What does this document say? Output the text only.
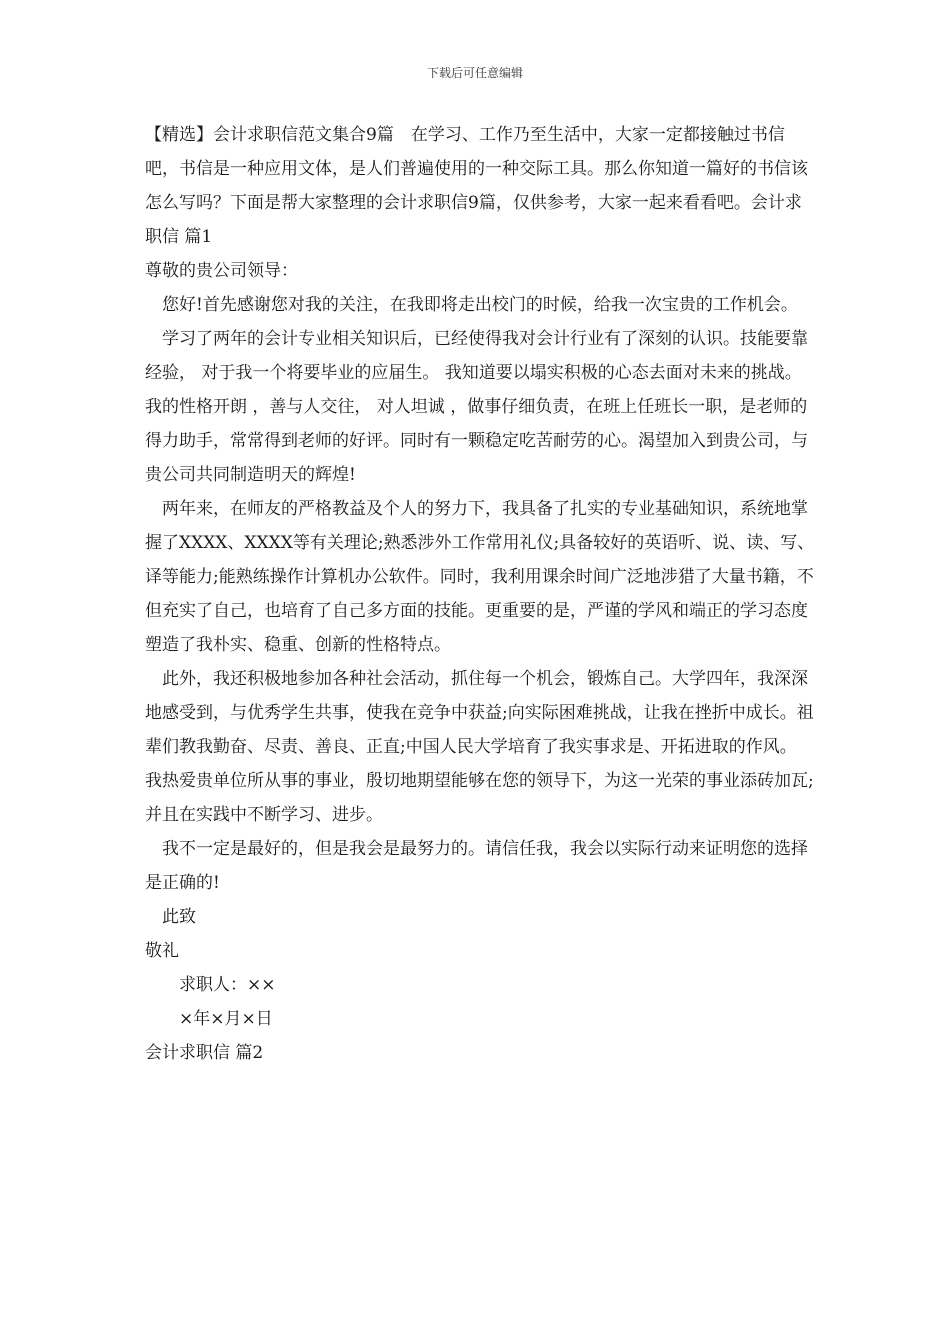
下载后可任意编辑

【精选】会计求职信范文集合9篇　在学习、工作乃至生活中，大家一定都接触过书信吧，书信是一种应用文体，是人们普遍使用的一种交际工具。那么你知道一篇好的书信该怎么写吗？下面是帮大家整理的会计求职信9篇，仅供参考，大家一起来看看吧。会计求职信 篇1

尊敬的贵公司领导：

您好!首先感谢您对我的关注，在我即将走出校门的时候，给我一次宝贵的工作机会。

学习了两年的会计专业相关知识后，已经使得我对会计行业有了深刻的认识。技能要靠经验， 对于我一个将要毕业的应届生。 我知道要以塌实积极的心态去面对未来的挑战。我的性格开朗 ，善与人交往， 对人坦诚 ，做事仔细负责，在班上任班长一职，是老师的得力助手，常常得到老师的好评。同时有一颗稳定吃苦耐劳的心。渴望加入到贵公司，与贵公司共同制造明天的辉煌!

两年来，在师友的严格教益及个人的努力下，我具备了扎实的专业基础知识，系统地掌握了XXXX、XXXX等有关理论;熟悉涉外工作常用礼仪;具备较好的英语听、说、读、写、译等能力;能熟练操作计算机办公软件。同时，我利用课余时间广泛地涉猎了大量书籍，不但充实了自己，也培育了自己多方面的技能。更重要的是，严谨的学风和端正的学习态度塑造了我朴实、稳重、创新的性格特点。

此外，我还积极地参加各种社会活动，抓住每一个机会，锻炼自己。大学四年，我深深地感受到，与优秀学生共事，使我在竞争中获益;向实际困难挑战，让我在挫折中成长。祖辈们教我勤奋、尽责、善良、正直;中国人民大学培育了我实事求是、开拓进取的作风。 我热爱贵单位所从事的事业，殷切地期望能够在您的领导下，为这一光荣的事业添砖加瓦;并且在实践中不断学习、进步。

我不一定是最好的，但是我会是最努力的。请信任我，我会以实际行动来证明您的选择是正确的!

此致

敬礼

求职人：××

×年×月×日

会计求职信 篇2
